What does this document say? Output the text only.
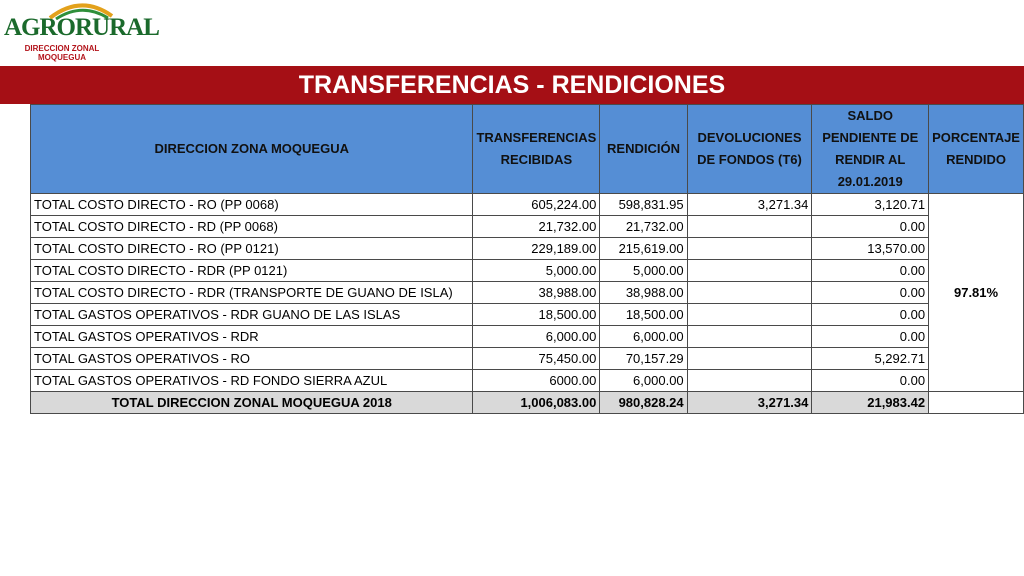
AGRORURAL
DIRECCION ZONAL
MOQUEGUA
TRANSFERENCIAS - RENDICIONES
DIRECCION ZONA MOQUEGUA	TRANSFERENCIAS RECIBIDAS	RENDICIÓN	DEVOLUCIONES DE FONDOS (T6)	SALDO PENDIENTE DE RENDIR AL 29.01.2019	PORCENTAJE RENDIDO
TOTAL COSTO DIRECTO - RO (PP 0068)	605,224.00	598,831.95	3,271.34	3,120.71	97.81%
TOTAL COSTO DIRECTO - RD (PP 0068)	21,732.00	21,732.00		0.00	
TOTAL COSTO DIRECTO - RO (PP 0121)	229,189.00	215,619.00		13,570.00	
TOTAL COSTO DIRECTO - RDR (PP 0121)	5,000.00	5,000.00		0.00	
TOTAL COSTO DIRECTO - RDR (TRANSPORTE DE GUANO DE ISLA)	38,988.00	38,988.00		0.00	
TOTAL GASTOS OPERATIVOS - RDR GUANO DE LAS ISLAS	18,500.00	18,500.00		0.00	
TOTAL GASTOS OPERATIVOS - RDR	6,000.00	6,000.00		0.00	
TOTAL GASTOS OPERATIVOS - RO	75,450.00	70,157.29		5,292.71	
TOTAL GASTOS OPERATIVOS - RD FONDO SIERRA AZUL	6000.00	6,000.00		0.00	
TOTAL DIRECCION ZONAL MOQUEGUA 2018	1,006,083.00	980,828.24	3,271.34	21,983.42	
